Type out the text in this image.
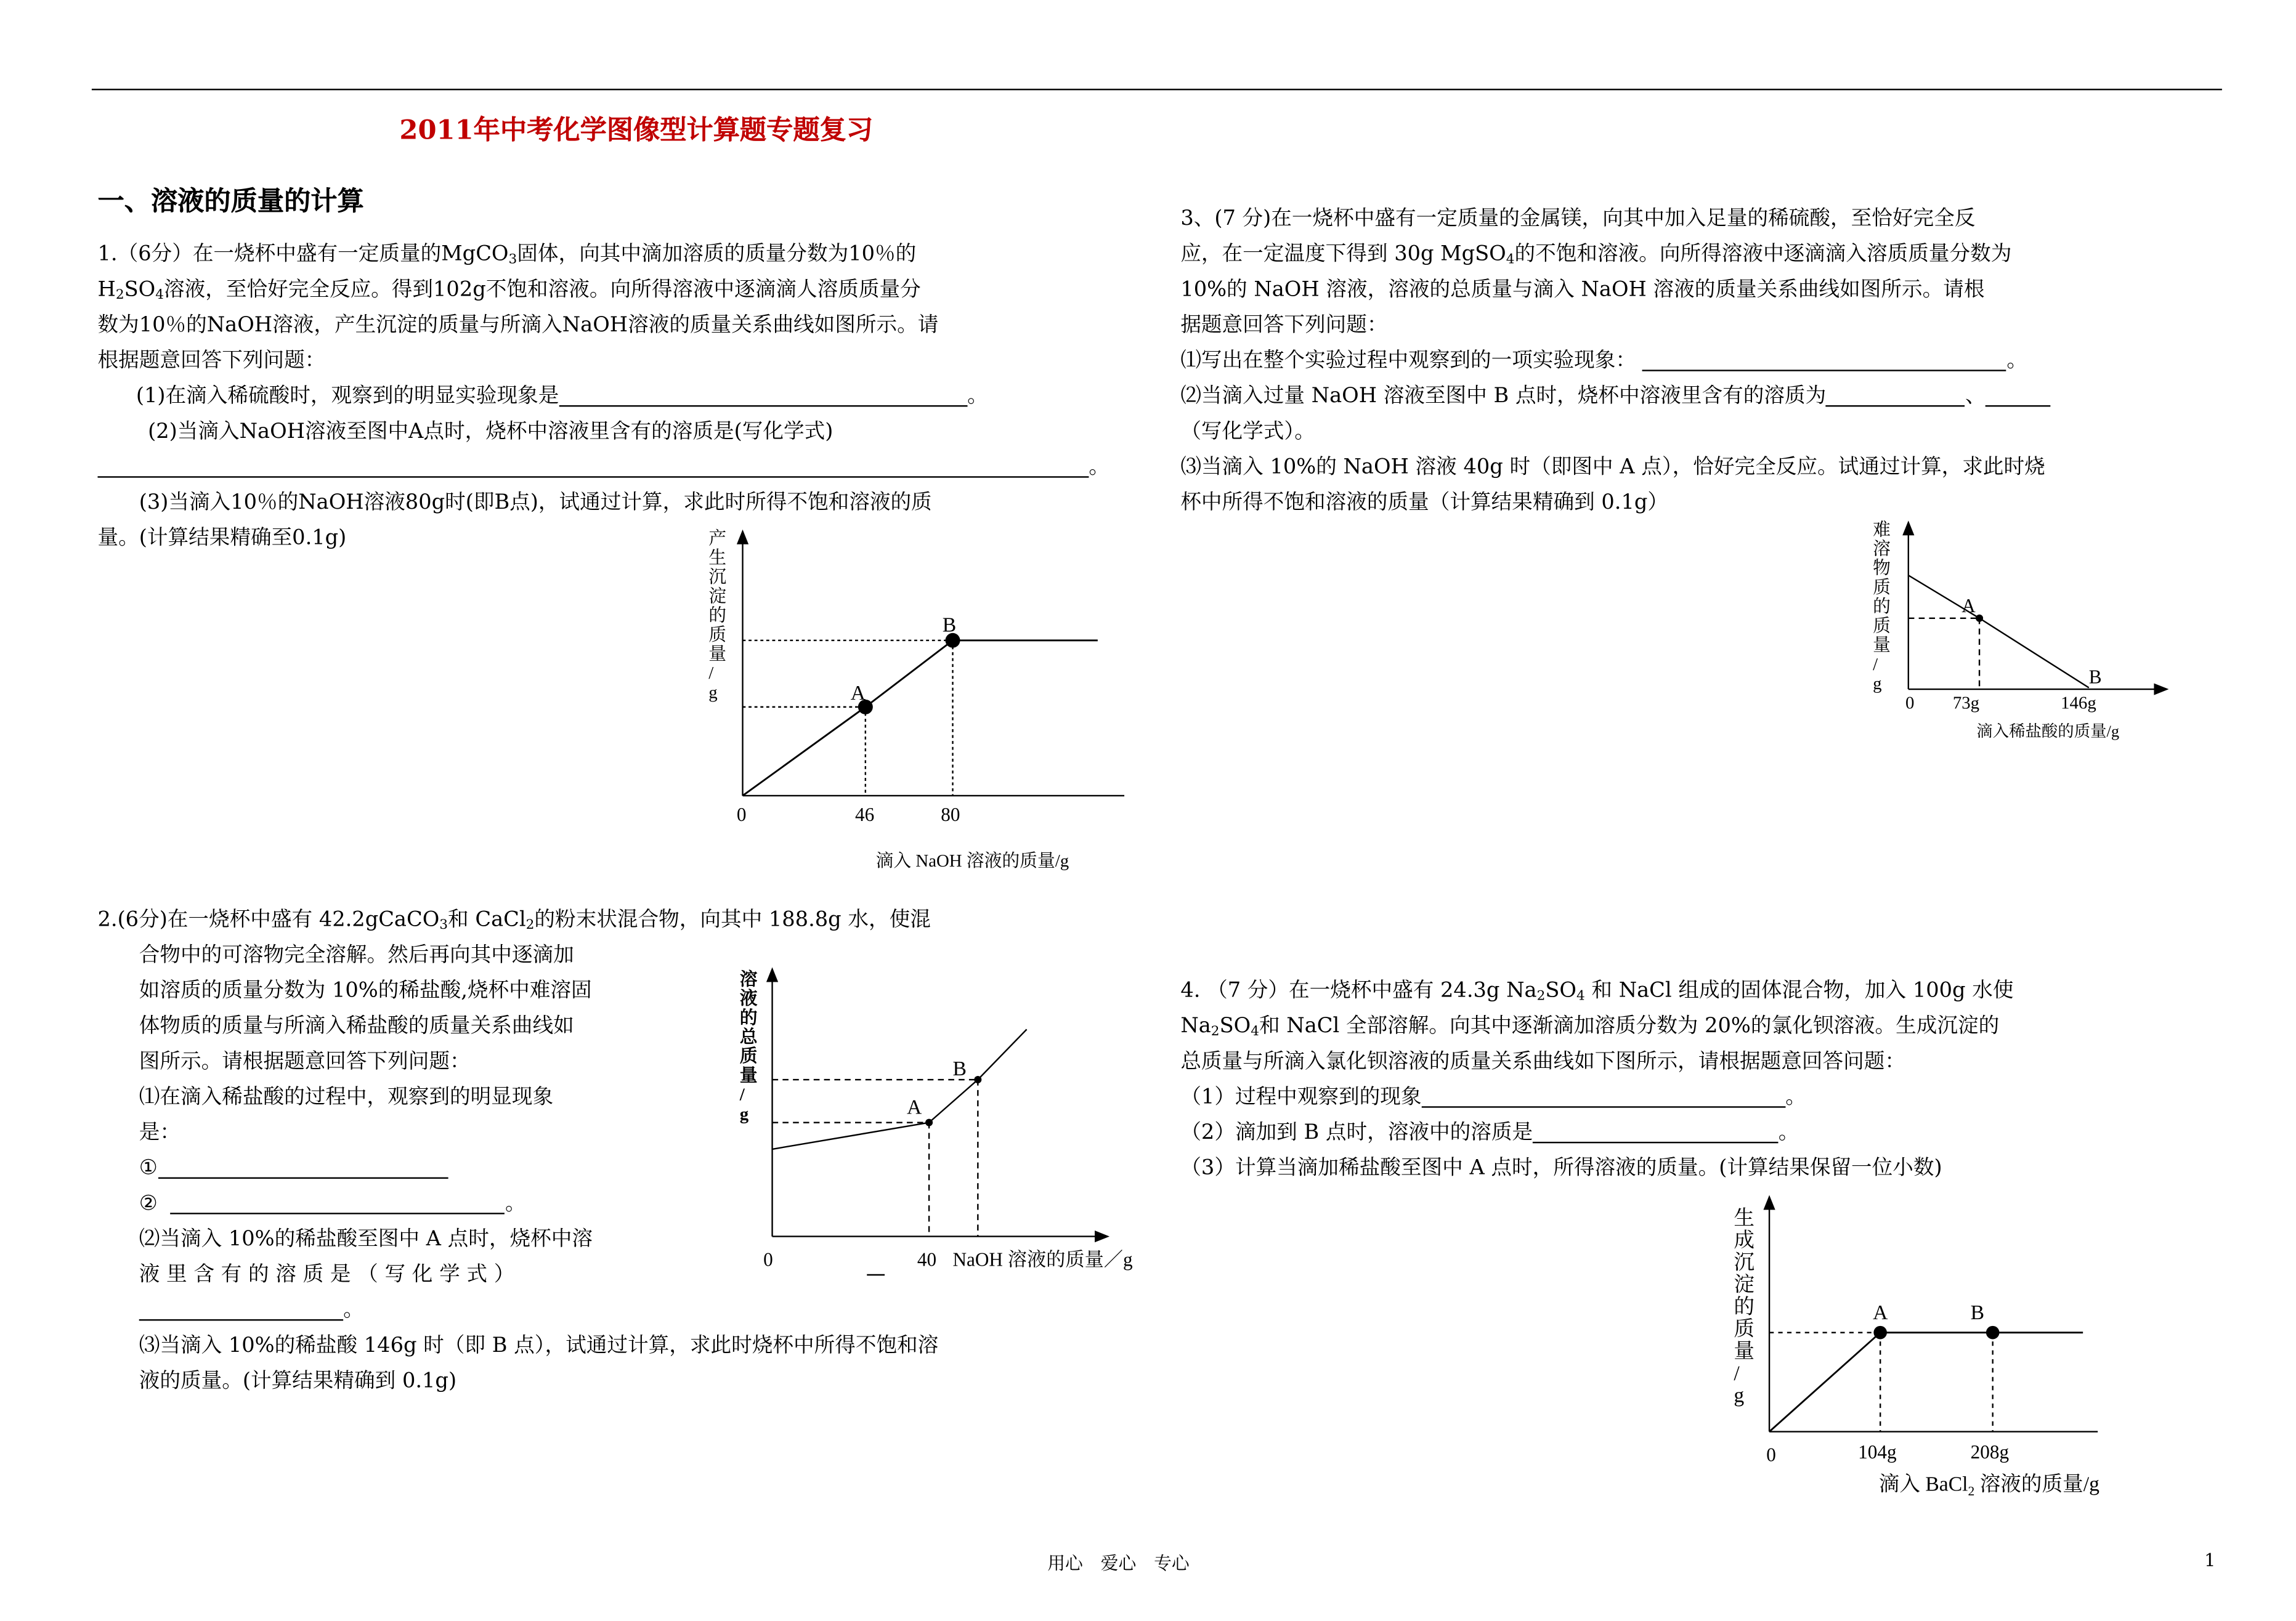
2011年中考化学图像型计算题专题复习
一、溶液的质量的计算
1.（6分）在一烧杯中盛有一定质量的MgCO$_3$固体，向其中滴加溶质的质量分数为10％的
$H_2SO_4$溶液，至恰好完全反应。得到102g不饱和溶液。向所得溶液中逐滴滴人溶质质量分
数为10％的NaOH溶液，产生沉淀的质量与所滴入NaOH溶液的质量关系曲线如图所示。请
根据题意回答下列问题：
(1)在滴入稀硫酸时，观察到的明显实验现象是	。
(2)当滴入NaOH溶液至图中A点时，烧杯中溶液里含有的溶质是(写化学式)
。
(3)当滴入10％的NaOH溶液80g时(即B点)，试通过计算，求此时所得不饱和溶液的质
量。(计算结果精确至0.1g)	产生沉淀的质量/ g	A
B
0	46	80
滴入 NaOH 溶液的质量/g
2.(6分)在一烧杯中盛有 42.2gCaCO$_3$和 CaCl$_2$的粉末状混合物，向其中 188.8g 水，使混
合物中的可溶物完全溶解。然后再向其中逐滴加
如溶质的质量分数为 10%的稀盐酸,烧杯中难溶固
体物质的质量与所滴入稀盐酸的质量关系曲线如
图所示。请根据题意回答下列问题：
⑴在滴入稀盐酸的过程中，观察到的明显现象
是：
①
②	。
⑵当滴入 10%的稀盐酸至图中 A 点时，烧杯中溶
液 里 含 有 的 溶 质 是 （ 写 化 学 式 ）
。
⑶当滴入 10%的稀盐酸 146g 时（即 B 点），试通过计算，求此时烧杯中所得不饱和溶
液的质量。(计算结果精确到 0.1g)
溶液的总质量/ g	A
B
0	40 NaOH 溶液的质量／g
3、(7 分)在一烧杯中盛有一定质量的金属镁，向其中加入足量的稀硫酸，至恰好完全反
应，在一定温度下得到 30g MgSO$_4$的不饱和溶液。向所得溶液中逐滴滴入溶质质量分数为
10%的 NaOH 溶液，溶液的总质量与滴入 NaOH 溶液的质量关系曲线如图所示。请根
据题意回答下列问题：
⑴写出在整个实验过程中观察到的一项实验现象：	。
⑵当滴入过量 NaOH 溶液至图中 B 点时，烧杯中溶液里含有的溶质为	、
（写化学式）。
⑶当滴入 10%的 NaOH 溶液 40g 时（即图中 A 点），恰好完全反应。试通过计算，求此时烧
杯中所得不饱和溶液的质量（计算结果精确到 0.1g）
难溶物质的质量/ g
A
B
0	73g	146g
滴入稀盐酸的质量/g
4. （7 分）在一烧杯中盛有 24.3g $Na_2SO_4$ 和 NaCl 组成的固体混合物，加入 100g 水使
$Na_2SO_4$和 NaCl 全部溶解。向其中逐渐滴加溶质分数为 20%的氯化钡溶液。生成沉淀的
总质量与所滴入氯化钡溶液的质量关系曲线如下图所示，请根据题意回答问题：
（1）过程中观察到的现象	。
（2）滴加到 B 点时，溶液中的溶质是	。
（3）计算当滴加稀盐酸至图中 A 点时，所得溶液的质量。(计算结果保留一位小数)
生成沉淀的质量/ g
A	B
0	104g	208g
滴入 BaCl$_2$ 溶液的质量/g
用心　爱心　专心	1
